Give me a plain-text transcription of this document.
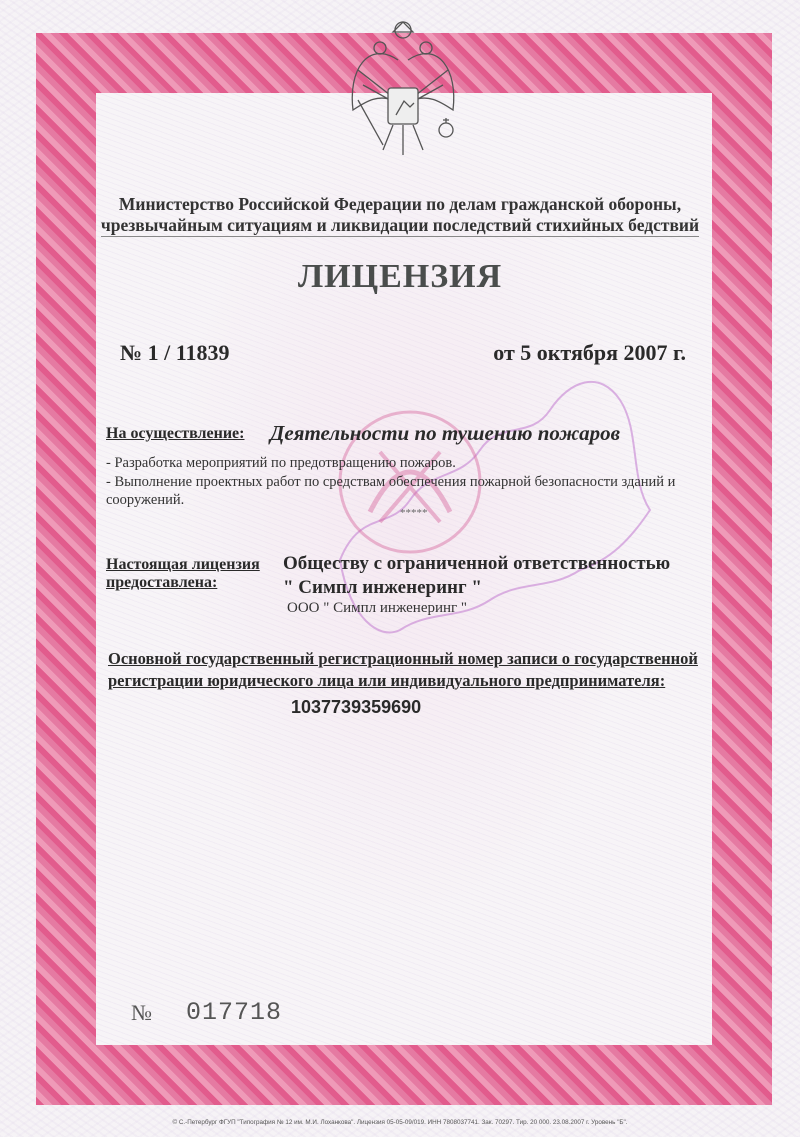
Министерство Российской Федерации по делам гражданской обороны,
чрезвычайным ситуациям и ликвидации последствий стихийных бедствий
ЛИЦЕНЗИЯ
№ 1 / 11839	от 5 октября 2007 г.
На осуществление: Деятельности по тушению пожаров
- Разработка мероприятий по предотвращению пожаров.
- Выполнение проектных работ по средствам обеспечения пожарной безопасности зданий и
сооружений.
*****
Настоящая лицензия
предоставлена:
Обществу с ограниченной ответственностью
" Симпл инженеринг "
ООО " Симпл инженеринг "
Основной государственный регистрационный номер записи о государственной
регистрации юридического лица или индивидуального предпринимателя:
1037739359690
№ 017718
© С.-Петербург ФГУП "Типография № 12 им. М.И. Лоханкова". Лицензия 05-05-09/019. ИНН 7808037741. Зак. 70297. Тир. 20 000. 23.08.2007 г. Уровень "Б".
